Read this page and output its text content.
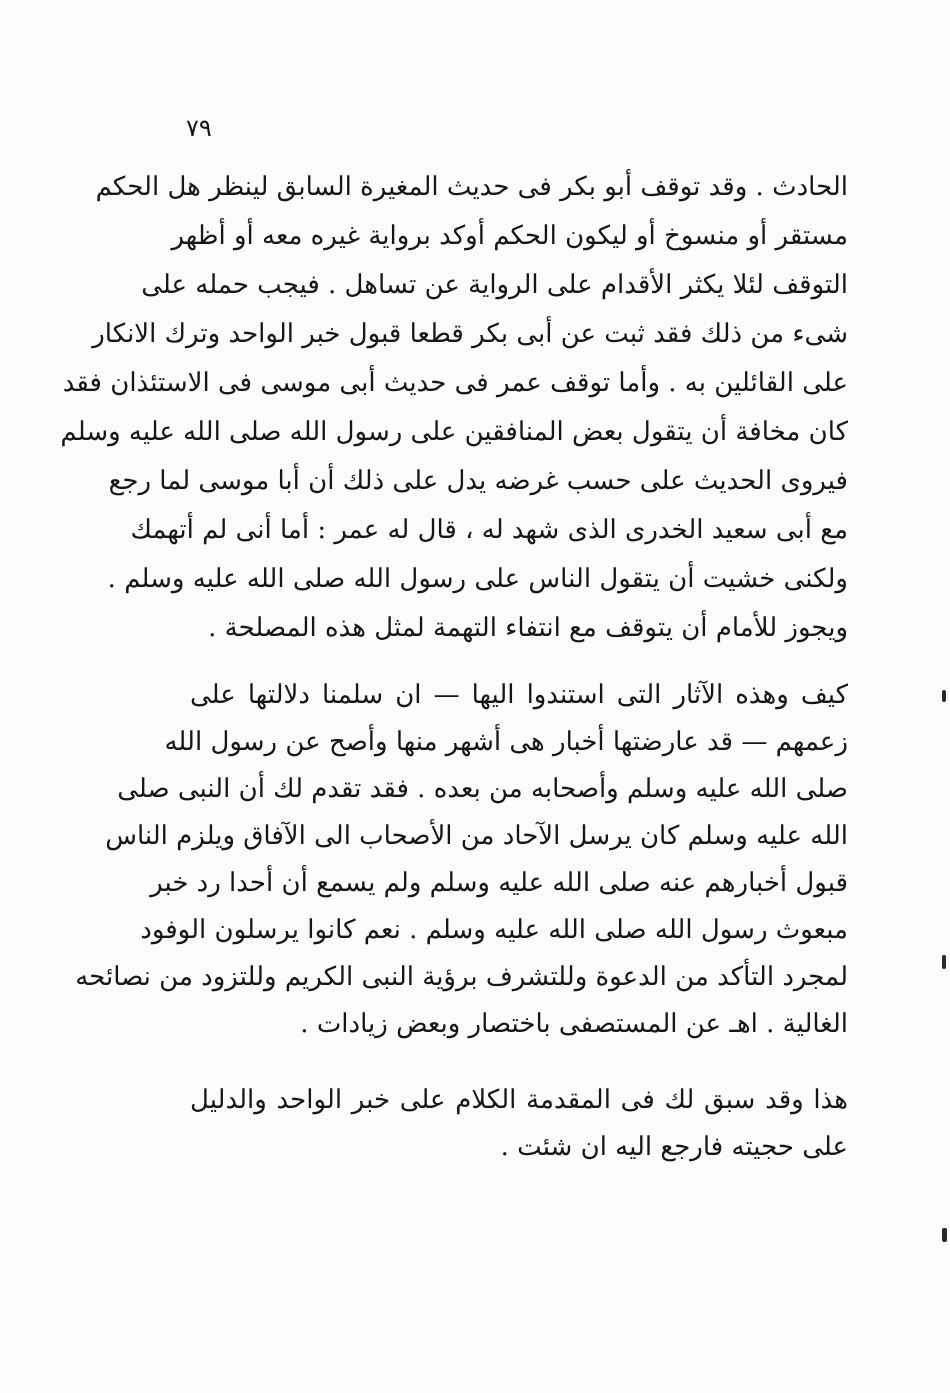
٧٩
الحادث . وقد توقف أبو بكر فى حديث المغيرة السابق لينظر هل الحكم
مستقر أو منسوخ أو ليكون الحكم أوكد برواية غيره معه أو أظهر
التوقف لئلا يكثر الأقدام على الرواية عن تساهل . فيجب حمله على
شىء من ذلك فقد ثبت عن أبى بكر قطعا قبول خبر الواحد وترك الانكار
على القائلين به . وأما توقف عمر فى حديث أبى موسى فى الاستئذان فقد
كان مخافة أن يتقول بعض المنافقين على رسول الله صلى الله عليه وسلم
فيروى الحديث على حسب غرضه يدل على ذلك أن أبا موسى لما رجع
مع أبى سعيد الخدرى الذى شهد له ، قال له عمر : أما أنى لم أتهمك
ولكنى خشيت أن يتقول الناس على رسول الله صلى الله عليه وسلم .
ويجوز للأمام أن يتوقف مع انتفاء التهمة لمثل هذه المصلحة .
كيف وهذه الآثار التى استندوا اليها — ان سلمنا دلالتها على
زعمهم — قد عارضتها أخبار هى أشهر منها وأصح عن رسول الله
صلى الله عليه وسلم وأصحابه من بعده . فقد تقدم لك أن النبى صلى
الله عليه وسلم كان يرسل الآحاد من الأصحاب الى الآفاق ويلزم الناس
قبول أخبارهم عنه صلى الله عليه وسلم ولم يسمع أن أحدا رد خبر
مبعوث رسول الله صلى الله عليه وسلم . نعم كانوا يرسلون الوفود
لمجرد التأكد من الدعوة وللتشرف برؤية النبى الكريم وللتزود من نصائحه
الغالية . اهـ عن المستصفى باختصار وبعض زيادات .
هذا وقد سبق لك فى المقدمة الكلام على خبر الواحد والدليل
على حجيته فارجع اليه ان شئت .
